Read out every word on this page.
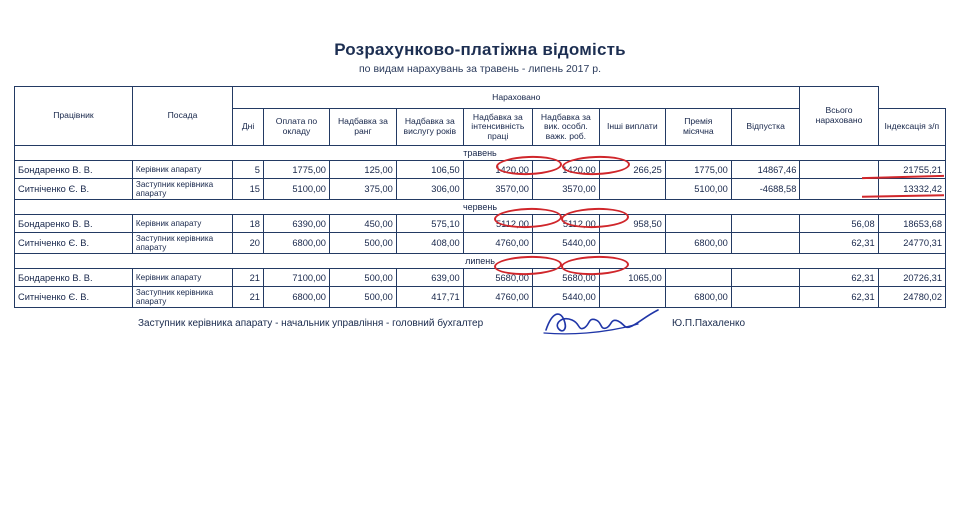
Розрахунково-платіжна відомість
по видам нарахувань за травень - липень 2017 р.
Працівник	Посада	Нараховано									Всього нараховано	
		Дні	Оплата по окладу	Надбавка за ранг	Надбавка за вислугу років	Надбавка за інтенсивність праці	Надбавка за вик. особл. важк. роб.	Інші виплати	Премія місячна	Відпустка		Індексація з/п
травень												
Бондаренко В. В.	Керівник апарату	5	1775,00	125,00	106,50	1420,00	1420,00	266,25	1775,00	14867,46		21755,21
Ситніченко Є. В.	Заступник керівника апарату	15	5100,00	375,00	306,00	3570,00	3570,00		5100,00	-4688,58		13332,42
червень												
Бондаренко В. В.	Керівник апарату	18	6390,00	450,00	575,10	5112,00	5112,00	958,50			56,08	18653,68
Ситніченко Є. В.	Заступник керівника апарату	20	6800,00	500,00	408,00	4760,00	5440,00		6800,00		62,31	24770,31
липень												
Бондаренко В. В.	Керівник апарату	21	7100,00	500,00	639,00	5680,00	5680,00	1065,00			62,31	20726,31
Ситніченко Є. В.	Заступник керівника апарату	21	6800,00	500,00	417,71	4760,00	5440,00		6800,00		62,31	24780,02
Заступник керівника апарату - начальник управління - головний бухгалтер	Ю.П.Пахаленко
